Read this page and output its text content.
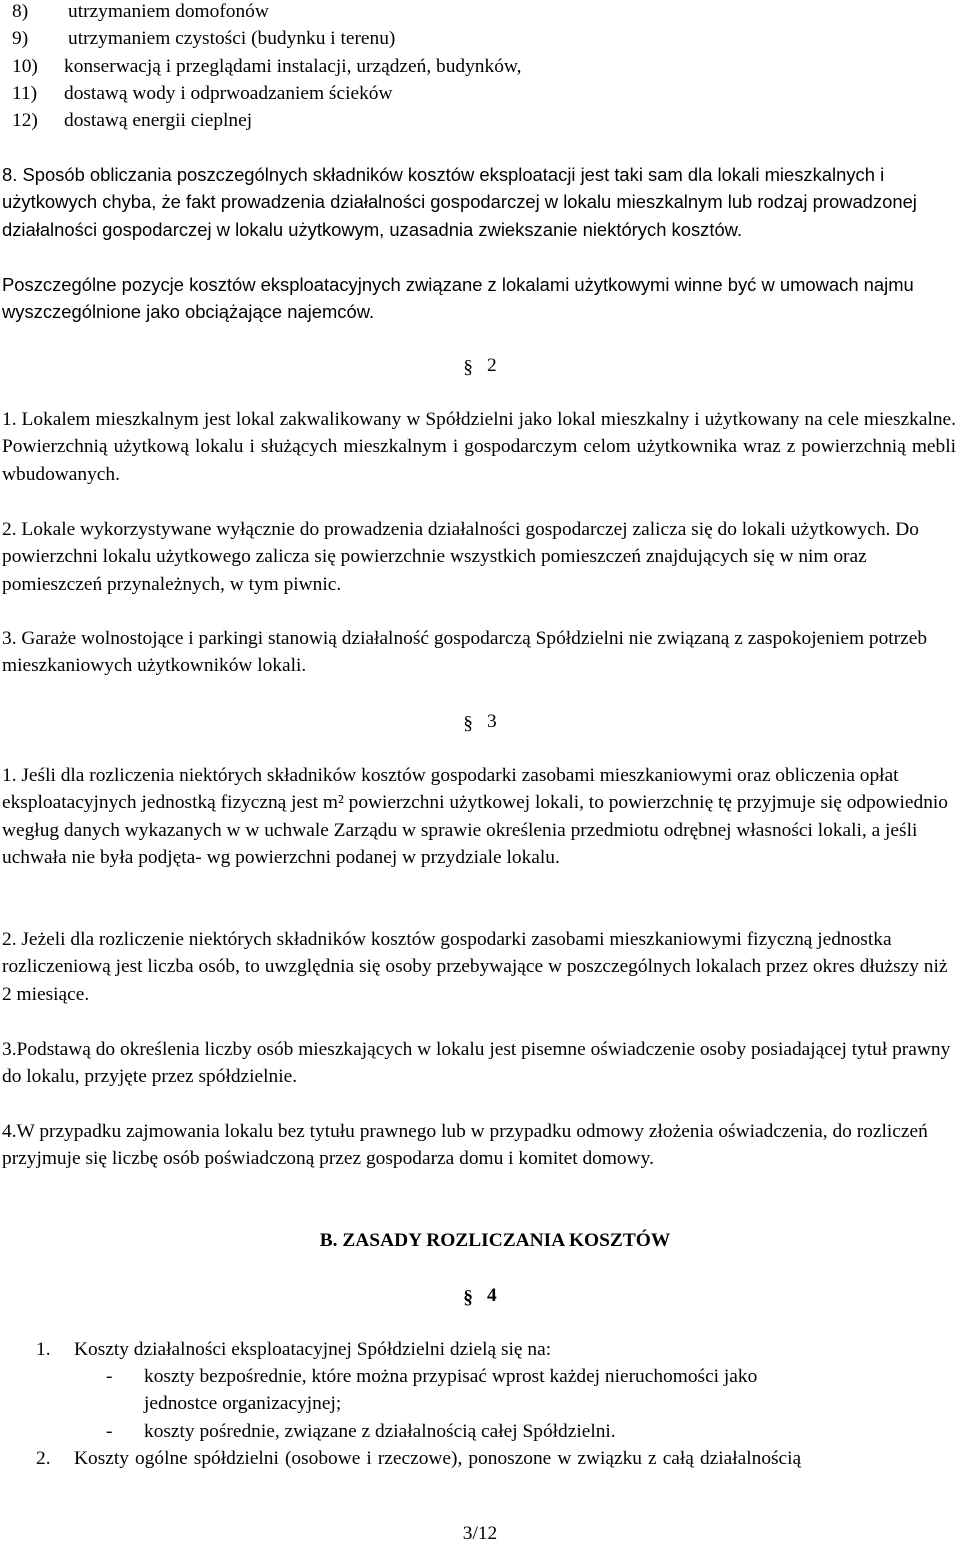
8) utrzymaniem domofonów
9) utrzymaniem czystości (budynku i terenu)
10) konserwacją i przeglądami instalacji, urządzeń, budynków,
11) dostawą wody i odprwoadzaniem ścieków
12) dostawą energii cieplnej

8. Sposób obliczania poszczególnych składników kosztów eksploatacji jest taki sam dla lokali mieszkalnych i użytkowych chyba, że fakt prowadzenia działalności gospodarczej w lokalu mieszkalnym lub rodzaj prowadzonej działalności gospodarczej w lokalu użytkowym, uzasadnia zwiekszanie niektórych kosztów.

Poszczególne pozycje kosztów eksploatacyjnych związane z lokalami użytkowymi winne być w umowach najmu wyszczególnione jako obciążające najemców.

§ 2

1. Lokalem mieszkalnym jest lokal zakwalikowany w Spółdzielni jako lokal mieszkalny i użytkowany na cele mieszkalne. Powierzchnią użytkową lokalu i służących mieszkalnym i gospodarczym celom użytkownika wraz z powierzchnią mebli wbudowanych.

2. Lokale wykorzystywane wyłącznie do prowadzenia działalności gospodarczej zalicza się do lokali użytkowych. Do powierzchni lokalu użytkowego zalicza się powierzchnie wszystkich pomieszczeń znajdujących się w nim oraz pomieszczeń przynależnych, w tym piwnic.

3. Garaże wolnostojące i parkingi stanowią działalność gospodarczą Spółdzielni nie związaną z zaspokojeniem potrzeb mieszkaniowych użytkowników lokali.

§ 3

1. Jeśli dla rozliczenia niektórych składników kosztów gospodarki zasobami mieszkaniowymi oraz obliczenia opłat eksploatacyjnych jednostką fizyczną jest m² powierzchni użytkowej lokali, to powierzchnię tę przyjmuje się odpowiednio wegług danych wykazanych w w uchwale Zarządu w sprawie określenia przedmiotu odrębnej własności lokali, a jeśli uchwała nie była podjęta- wg powierzchni podanej w przydziale lokalu.

2. Jeżeli dla rozliczenie niektórych składników kosztów gospodarki zasobami mieszkaniowymi fizyczną jednostka rozliczeniową jest liczba osób, to uwzględnia się osoby przebywające w poszczególnych lokalach przez okres dłuższy niż 2 miesiące.

3.Podstawą do określenia liczby osób mieszkających w lokalu jest pisemne oświadczenie osoby posiadającej tytuł prawny do lokalu, przyjęte przez spółdzielnie.

4.W przypadku zajmowania lokalu bez tytułu prawnego lub w przypadku odmowy złożenia oświadczenia, do rozliczeń przyjmuje się liczbę osób poświadczoną przez gospodarza domu i komitet domowy.

B. ZASADY ROZLICZANIA KOSZTÓW
§ 4
1. Koszty działalności eksploatacyjnej Spółdzielni dzielą się na:
- koszty bezpośrednie, które można przypisać wprost każdej nieruchomości jako
jednostce organizacyjnej;
- koszty pośrednie, związane z działalnością całej Spółdzielni.
2. Koszty ogólne spółdzielni (osobowe i rzeczowe), ponoszone w związku z całą działalnością
3/12
